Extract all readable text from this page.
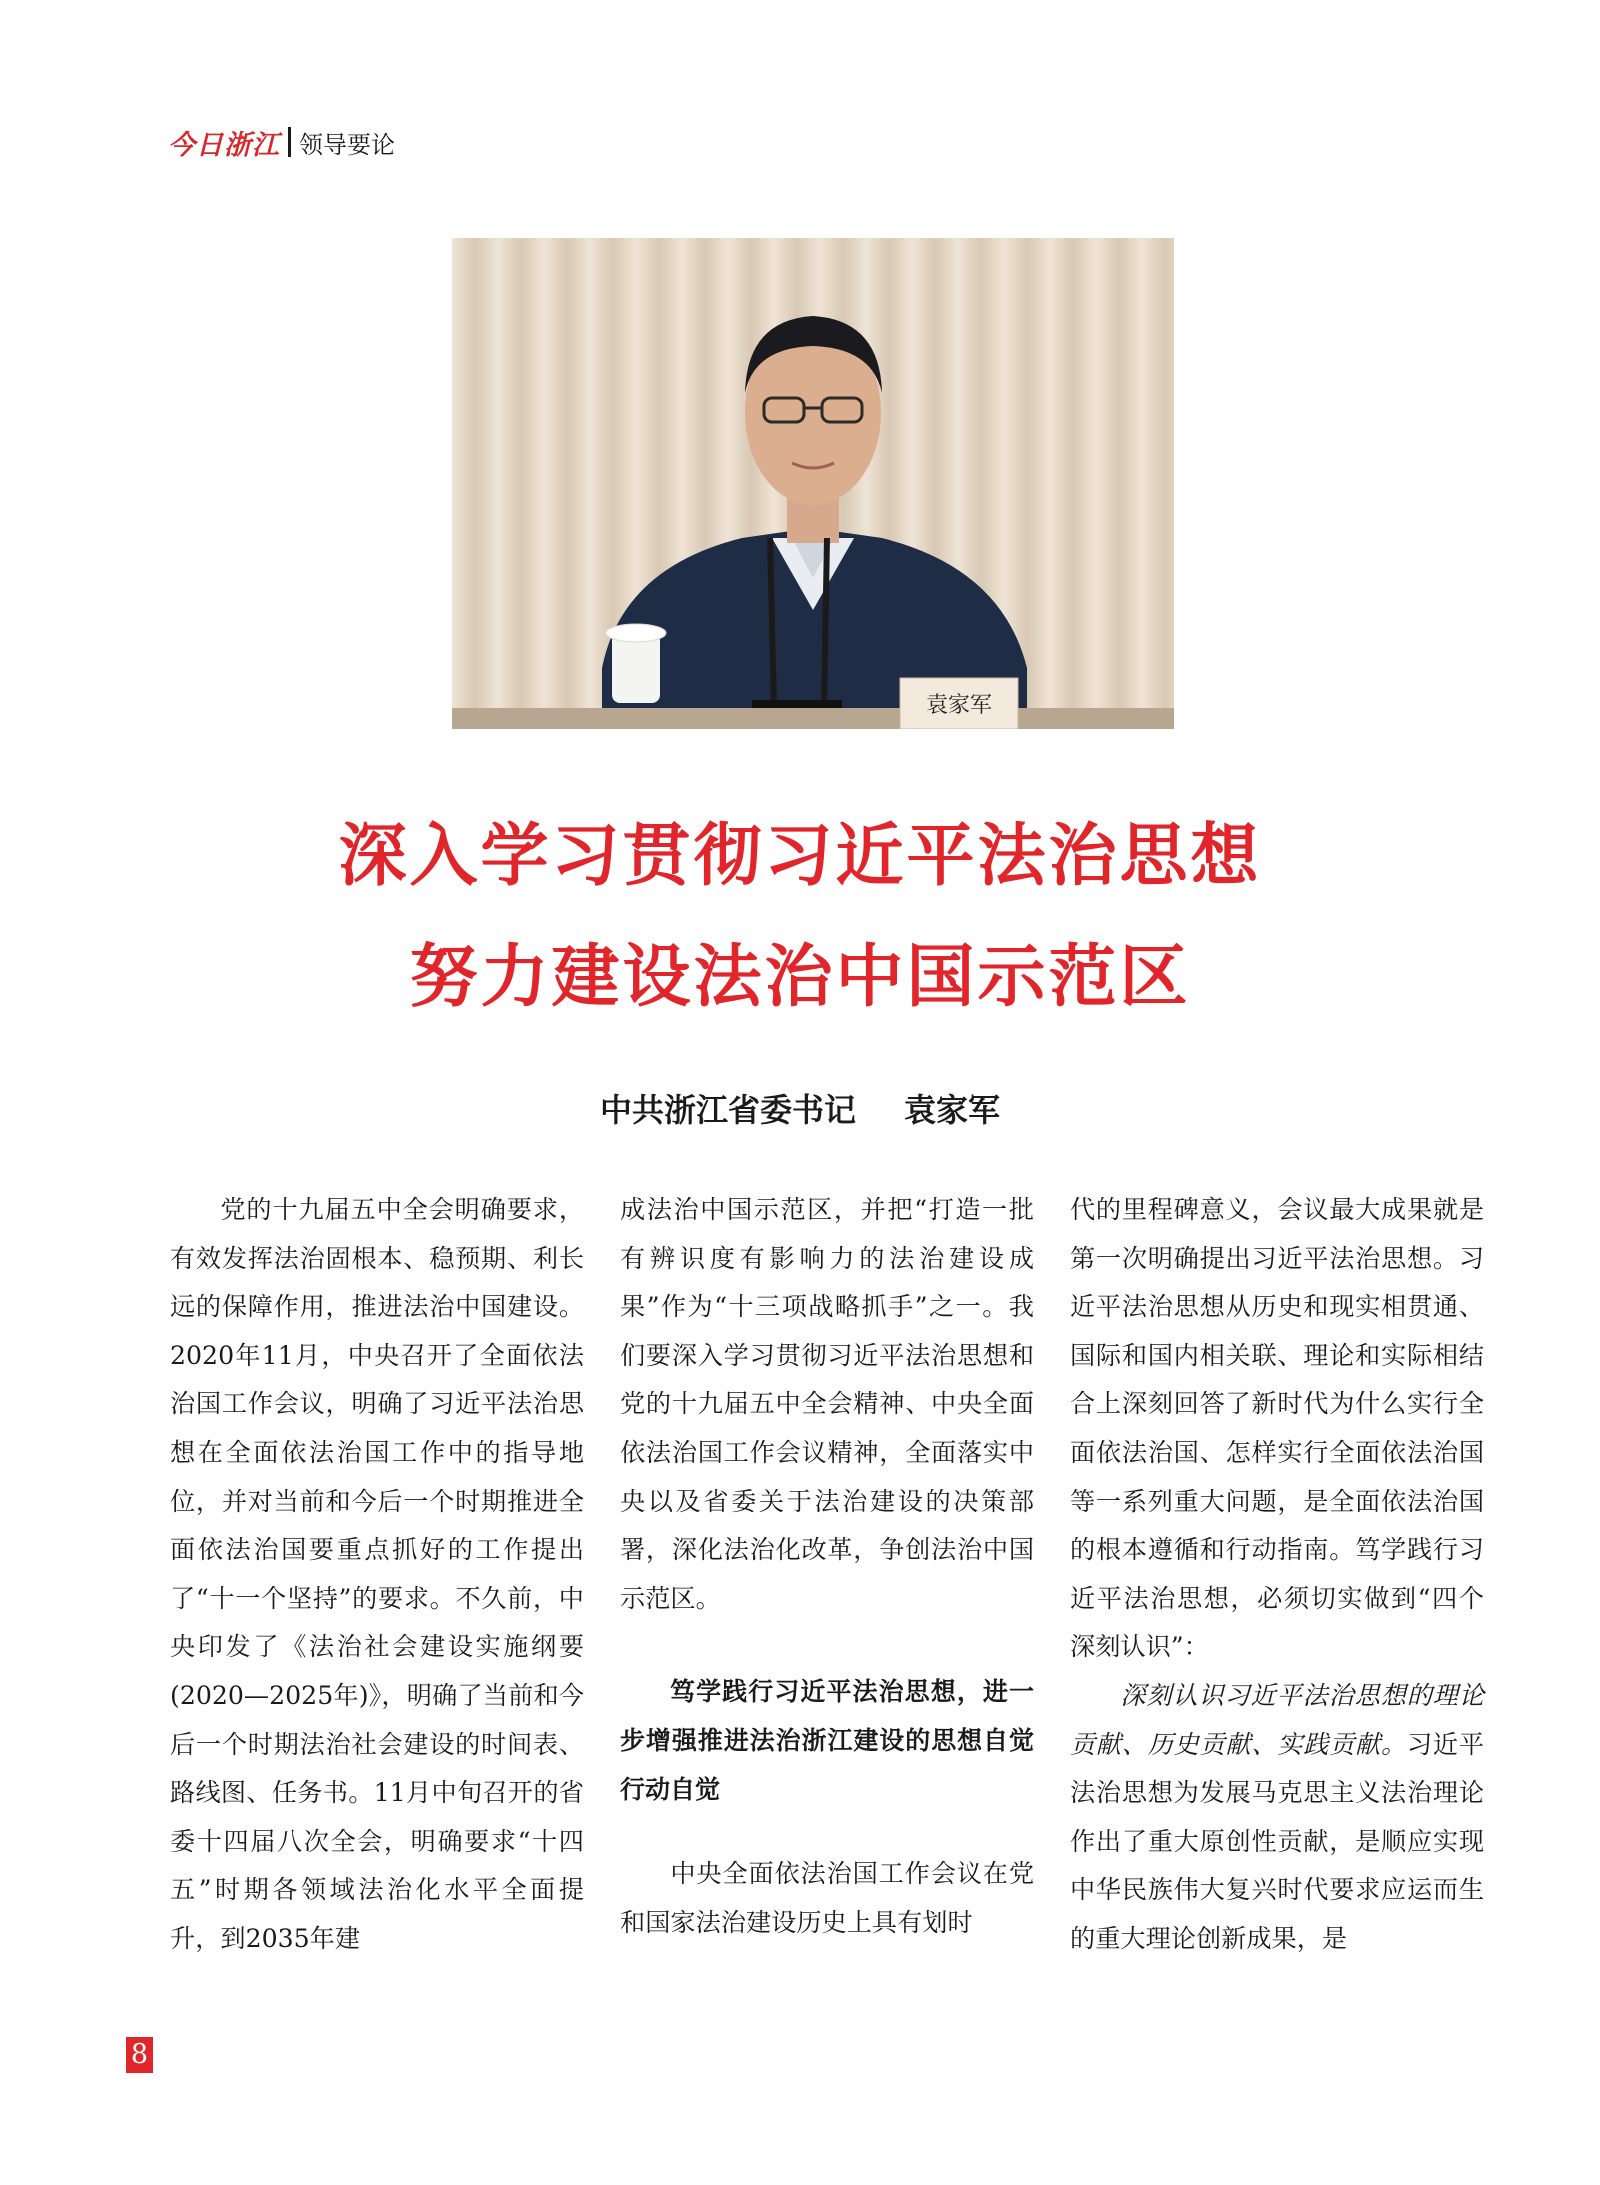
今日浙江 领导要论
袁家军
深入学习贯彻习近平法治思想
努力建设法治中国示范区
中共浙江省委书记 袁家军

党的十九届五中全会明确要求，有效发挥法治固根本、稳预期、利长远的保障作用，推进法治中国建设。2020年11月，中央召开了全面依法治国工作会议，明确了习近平法治思想在全面依法治国工作中的指导地位，并对当前和今后一个时期推进全面依法治国要重点抓好的工作提出了“十一个坚持”的要求。不久前，中央印发了《法治社会建设实施纲要(2020—2025年)》，明确了当前和今后一个时期法治社会建设的时间表、路线图、任务书。11月中旬召开的省委十四届八次全会，明确要求“十四五”时期各领域法治化水平全面提升，到2035年建

成法治中国示范区，并把“打造一批有辨识度有影响力的法治建设成果”作为“十三项战略抓手”之一。我们要深入学习贯彻习近平法治思想和党的十九届五中全会精神、中央全面依法治国工作会议精神，全面落实中央以及省委关于法治建设的决策部署，深化法治化改革，争创法治中国示范区。

笃学践行习近平法治思想，进一步增强推进法治浙江建设的思想自觉行动自觉

中央全面依法治国工作会议在党和国家法治建设历史上具有划时

代的里程碑意义，会议最大成果就是第一次明确提出习近平法治思想。习近平法治思想从历史和现实相贯通、国际和国内相关联、理论和实际相结合上深刻回答了新时代为什么实行全面依法治国、怎样实行全面依法治国等一系列重大问题，是全面依法治国的根本遵循和行动指南。笃学践行习近平法治思想，必须切实做到“四个深刻认识”：

深刻认识习近平法治思想的理论贡献、历史贡献、实践贡献。习近平法治思想为发展马克思主义法治理论作出了重大原创性贡献，是顺应实现中华民族伟大复兴时代要求应运而生的重大理论创新成果，是

8
